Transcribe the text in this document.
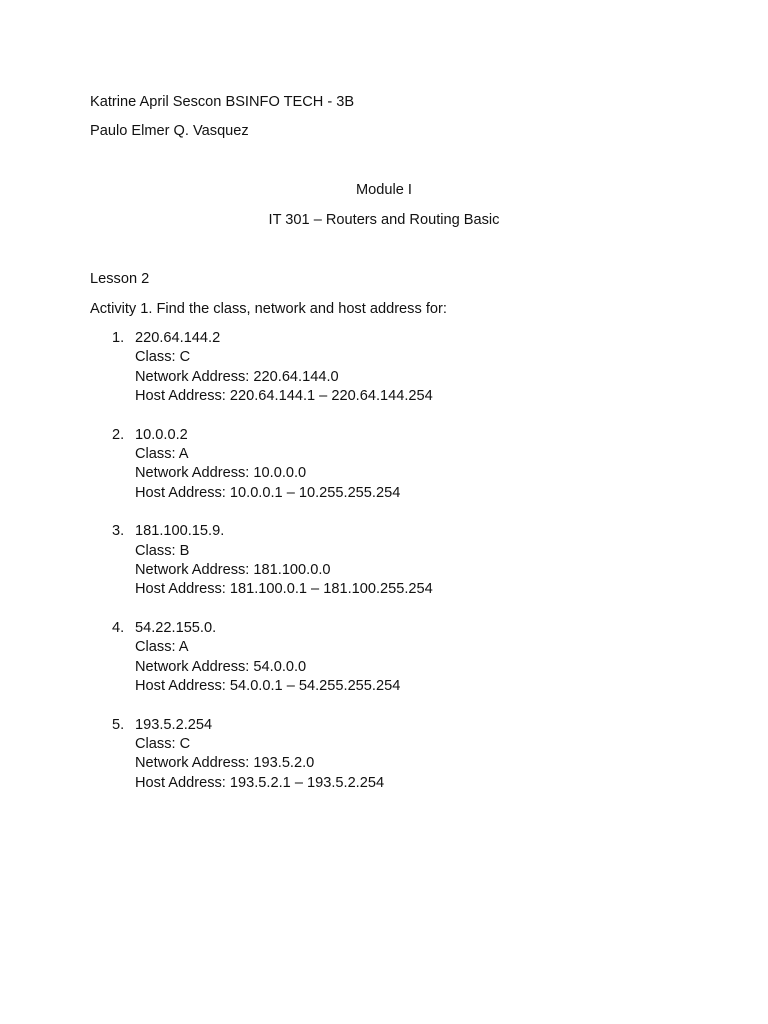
Katrine April Sescon BSINFO TECH - 3B
Paulo Elmer Q. Vasquez
Module I
IT 301 – Routers and Routing Basic
Lesson 2
Activity 1. Find the class, network and host address for:
1. 220.64.144.2
Class: C
Network Address: 220.64.144.0
Host Address: 220.64.144.1 – 220.64.144.254
2. 10.0.0.2
Class: A
Network Address: 10.0.0.0
Host Address: 10.0.0.1 – 10.255.255.254
3. 181.100.15.9.
Class: B
Network Address: 181.100.0.0
Host Address: 181.100.0.1 – 181.100.255.254
4. 54.22.155.0.
Class: A
Network Address: 54.0.0.0
Host Address: 54.0.0.1 – 54.255.255.254
5. 193.5.2.254
Class: C
Network Address: 193.5.2.0
Host Address: 193.5.2.1 – 193.5.2.254
